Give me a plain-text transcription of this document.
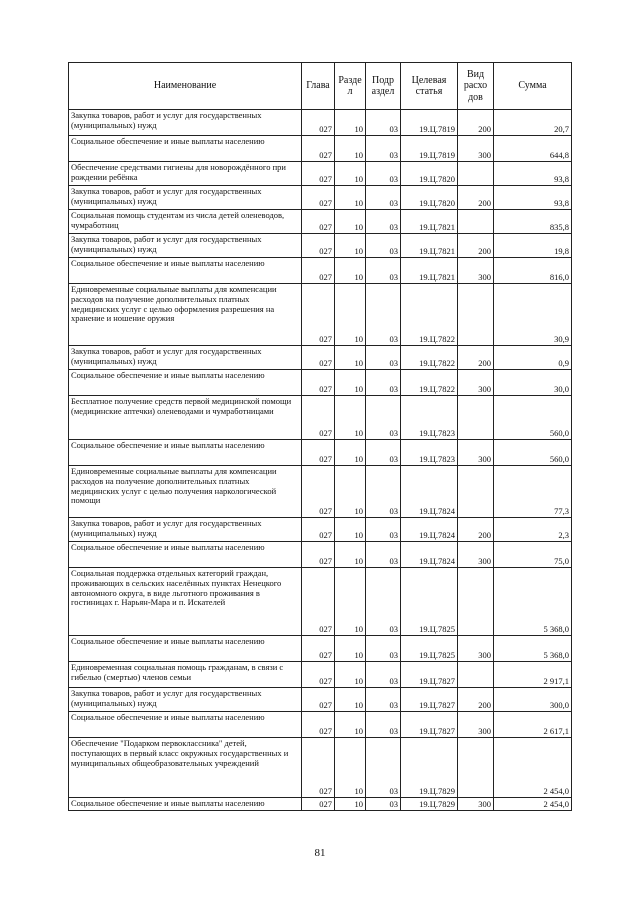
Наименование	Глава	Разде л	Подр аздел	Целевая статья	Вид расхо дов	Сумма
Закупка товаров, работ и услуг для государственных (муниципальных) нужд	027	10	03	19.Ц.7819	200	20,7
Социальное обеспечение и иные выплаты населению	027	10	03	19.Ц.7819	300	644,8
Обеспечение средствами гигиены для новорождённого при рождении ребёнка	027	10	03	19.Ц.7820		93,8
Закупка товаров, работ и услуг для государственных (муниципальных) нужд	027	10	03	19.Ц.7820	200	93,8
Социальная помощь студентам из числа детей оленеводов, чумработниц	027	10	03	19.Ц.7821		835,8
Закупка товаров, работ и услуг для государственных (муниципальных) нужд	027	10	03	19.Ц.7821	200	19,8
Социальное обеспечение и иные выплаты населению	027	10	03	19.Ц.7821	300	816,0
Единовременные социальные выплаты для компенсации расходов на получение дополнительных платных медицинских услуг с целью оформления разрешения на хранение и ношение оружия	027	10	03	19.Ц.7822		30,9
Закупка товаров, работ и услуг для государственных (муниципальных) нужд	027	10	03	19.Ц.7822	200	0,9
Социальное обеспечение и иные выплаты населению	027	10	03	19.Ц.7822	300	30,0
Бесплатное получение средств первой медицинской помощи (медицинские аптечки) оленеводами и чумработницами	027	10	03	19.Ц.7823		560,0
Социальное обеспечение и иные выплаты населению	027	10	03	19.Ц.7823	300	560,0
Единовременные социальные выплаты для компенсации расходов на получение дополнительных платных медицинских услуг с целью получения наркологической помощи	027	10	03	19.Ц.7824		77,3
Закупка товаров, работ и услуг для государственных (муниципальных) нужд	027	10	03	19.Ц.7824	200	2,3
Социальное обеспечение и иные выплаты населению	027	10	03	19.Ц.7824	300	75,0
Социальная поддержка отдельных категорий граждан, проживающих в сельских населённых пунктах Ненецкого автономного округа, в виде льготного проживания в гостиницах г. Нарьян-Мара и п. Искателей	027	10	03	19.Ц.7825		5 368,0
Социальное обеспечение и иные выплаты населению	027	10	03	19.Ц.7825	300	5 368,0
Единовременная социальная помощь гражданам, в связи с гибелью (смертью) членов семьи	027	10	03	19.Ц.7827		2 917,1
Закупка товаров, работ и услуг для государственных (муниципальных) нужд	027	10	03	19.Ц.7827	200	300,0
Социальное обеспечение и иные выплаты населению	027	10	03	19.Ц.7827	300	2 617,1
Обеспечение "Подарком первоклассника" детей, поступающих в первый класс окружных государственных и муниципальных общеобразовательных учреждений	027	10	03	19.Ц.7829		2 454,0
Социальное обеспечение и иные выплаты населению	027	10	03	19.Ц.7829	300	2 454,0
81
